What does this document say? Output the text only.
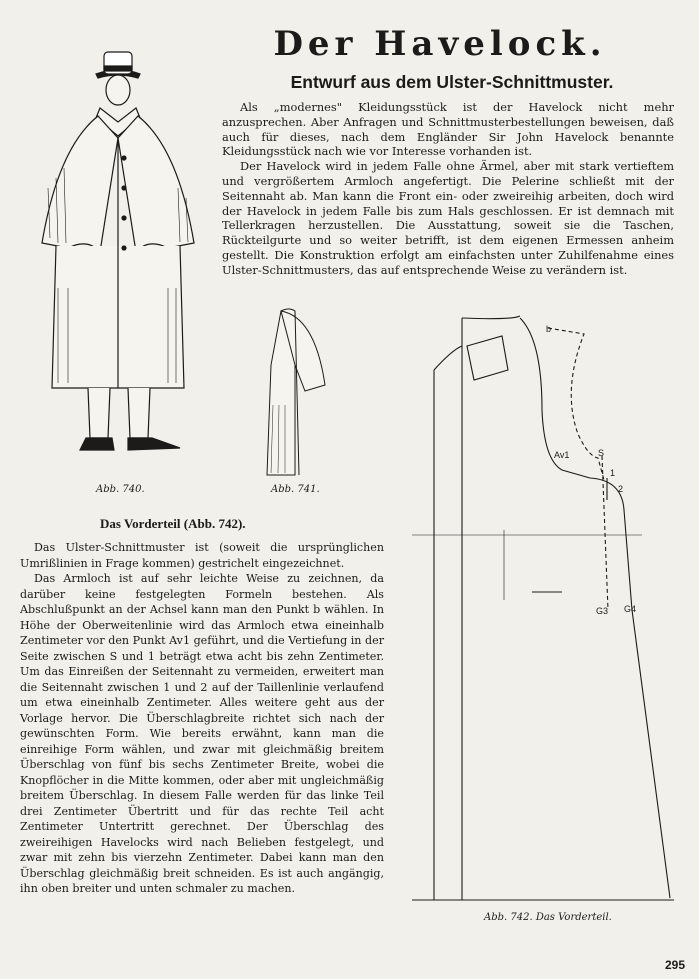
Der Havelock.
Entwurf aus dem Ulster-Schnittmuster.

Als „modernes" Kleidungsstück ist der Havelock nicht mehr anzusprechen. Aber Anfragen und Schnittmusterbestellungen beweisen, daß auch für dieses, nach dem Engländer Sir John Havelock benannte Kleidungsstück nach wie vor Interesse vorhanden ist.

Der Havelock wird in jedem Falle ohne Ärmel, aber mit stark vertieftem und vergrößertem Armloch angefertigt. Die Pelerine schließt mit der Seitennaht ab. Man kann die Front ein- oder zweireihig arbeiten, doch wird der Havelock in jedem Falle bis zum Hals geschlossen. Er ist demnach mit Tellerkragen herzustellen. Die Ausstattung, soweit sie die Taschen, Rückteilgurte und so weiter betrifft, ist dem eigenen Ermessen anheim gestellt. Die Konstruktion erfolgt am einfachsten unter Zuhilfenahme eines Ulster-Schnittmusters, das auf entsprechende Weise zu verändern ist.

Abb. 740.	Abb. 741.
b
Av1	S
1
2
G3 G4
Abb. 742. Das Vorderteil.
Das Vorderteil (Abb. 742).

Das Ulster-Schnittmuster ist (soweit die ursprünglichen Umrißlinien in Frage kommen) gestrichelt eingezeichnet.

Das Armloch ist auf sehr leichte Weise zu zeichnen, da darüber keine festgelegten Formeln bestehen. Als Abschlußpunkt an der Achsel kann man den Punkt b wählen. In Höhe der Oberweitenlinie wird das Armloch etwa eineinhalb Zentimeter vor den Punkt Av1 geführt, und die Vertiefung in der Seite zwischen S und 1 beträgt etwa acht bis zehn Zentimeter. Um das Einreißen der Seitennaht zu vermeiden, erweitert man die Seitennaht zwischen 1 und 2 auf der Taillenlinie verlaufend um etwa eineinhalb Zentimeter. Alles weitere geht aus der Vorlage hervor. Die Überschlagbreite richtet sich nach der gewünschten Form. Wie bereits erwähnt, kann man die einreihige Form wählen, und zwar mit gleichmäßig breitem Überschlag von fünf bis sechs Zentimeter Breite, wobei die Knopflöcher in die Mitte kommen, oder aber mit ungleichmäßig breitem Überschlag. In diesem Falle werden für das linke Teil drei Zentimeter Übertritt und für das rechte Teil acht Zentimeter Untertritt gerechnet. Der Überschlag des zweireihigen Havelocks wird nach Belieben festgelegt, und zwar mit zehn bis vierzehn Zentimeter. Dabei kann man den Überschlag gleichmäßig breit schneiden. Es ist auch angängig, ihn oben breiter und unten schmaler zu machen.

295
